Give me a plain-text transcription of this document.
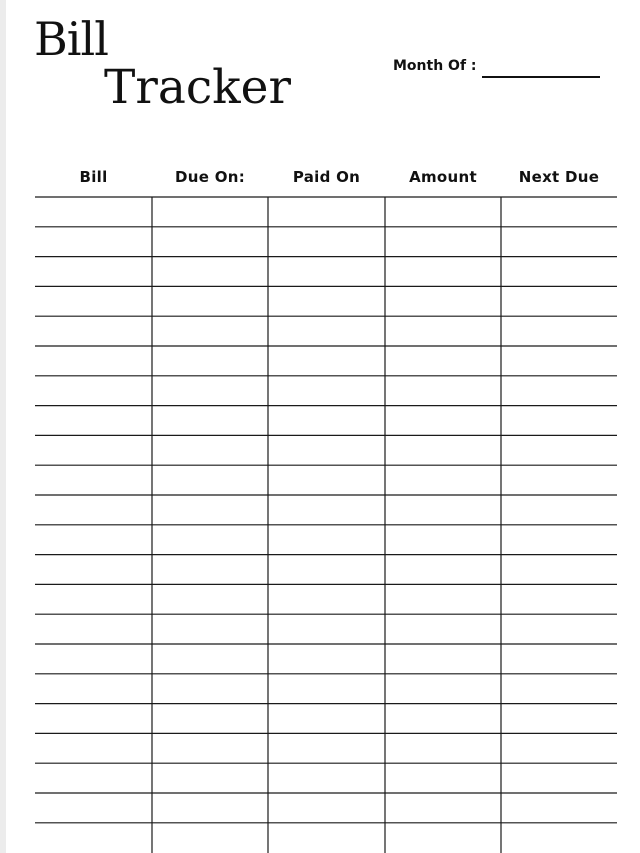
Bill
Tracker	Month Of :
Bill	Due On:	Paid On	Amount	Next Due
